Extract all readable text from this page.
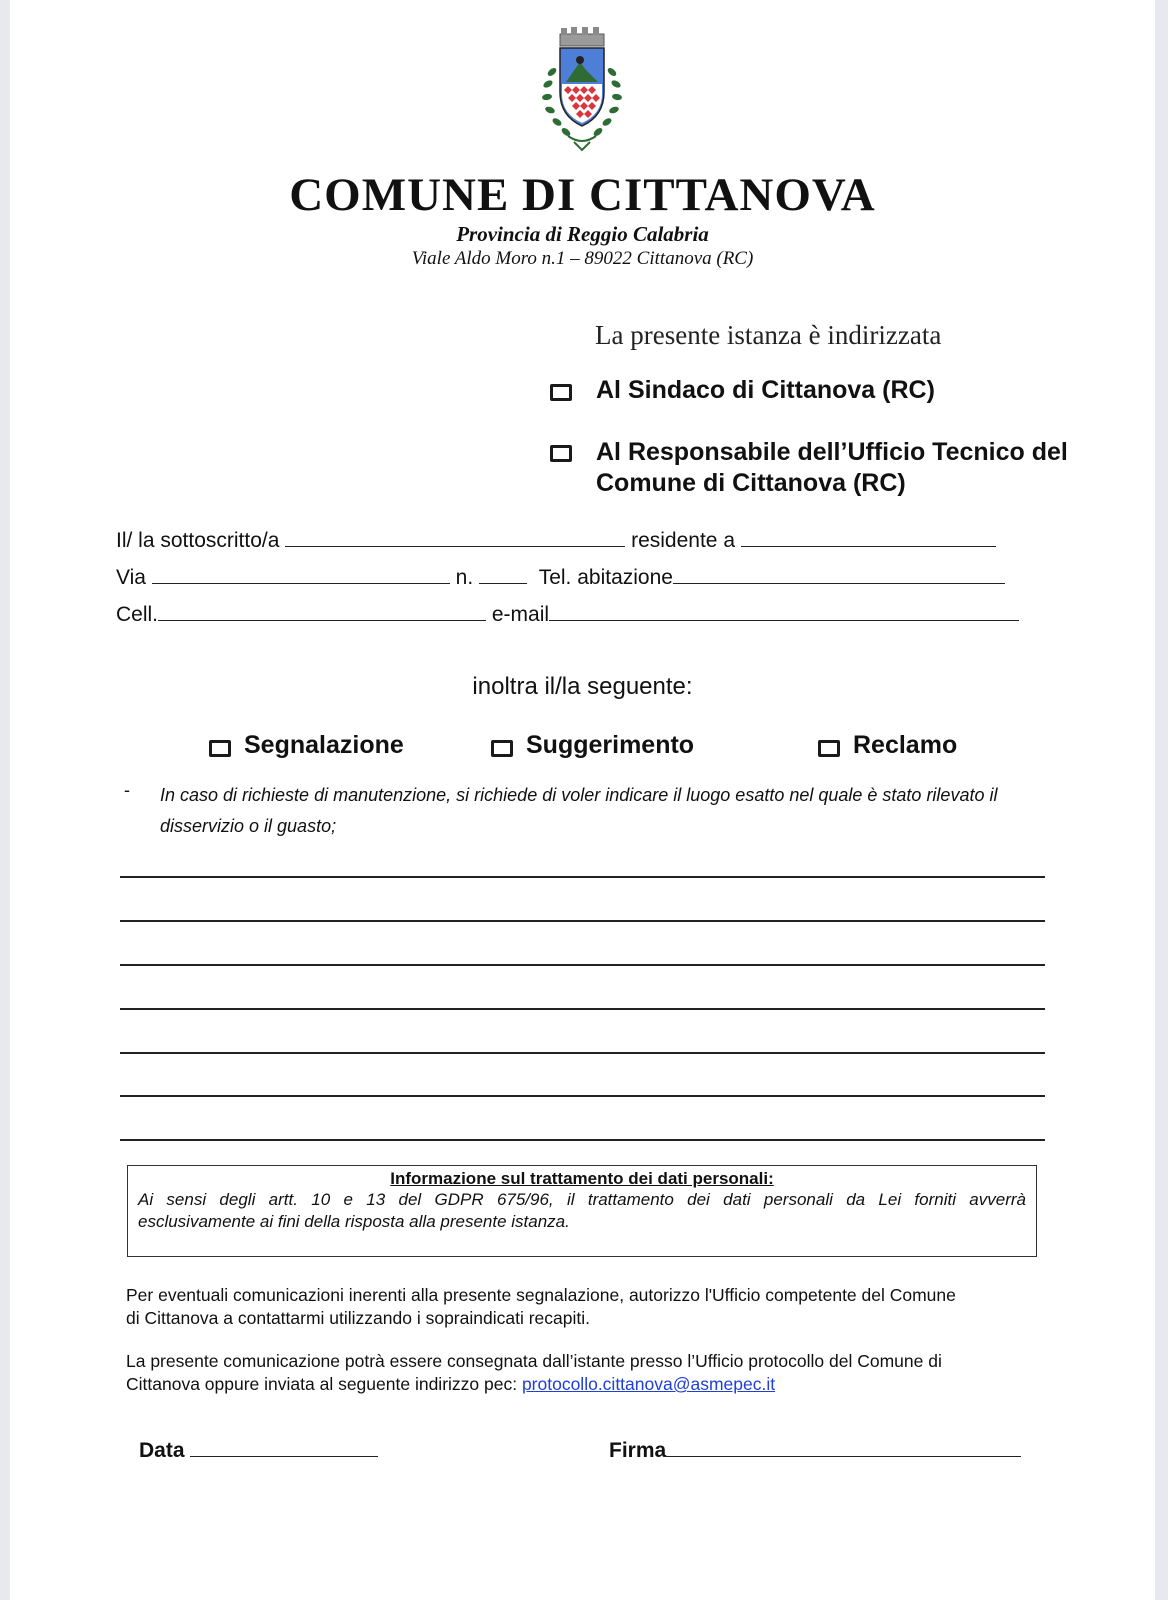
COMUNE DI CITTANOVA
Provincia di Reggio Calabria
Viale Aldo Moro n.1 – 89022 Cittanova (RC)
La presente istanza è indirizzata
Al Sindaco di Cittanova (RC)
Al Responsabile dell’Ufficio Tecnico del
Comune di Cittanova (RC)
Il/ la sottoscritto/a	residente a
Via	n.	Tel. abitazione
Cell.	e-mail
inoltra il/la seguente:
Segnalazione	Suggerimento	Reclamo
- In caso di richieste di manutenzione, si richiede di voler indicare il luogo esatto nel quale è stato rilevato il
disservizio o il guasto;
Informazione sul trattamento dei dati personali:
Ai sensi degli artt. 10 e 13 del GDPR 675/96, il trattamento dei dati personali da Lei forniti avverrà
esclusivamente ai fini della risposta alla presente istanza.
Per eventuali comunicazioni inerenti alla presente segnalazione, autorizzo l'Ufficio competente del Comune
di Cittanova a contattarmi utilizzando i sopraindicati recapiti.
La presente comunicazione potrà essere consegnata dall’istante presso l’Ufficio protocollo del Comune di
Cittanova oppure inviata al seguente indirizzo pec: protocollo.cittanova@asmepec.it
Data	Firma
